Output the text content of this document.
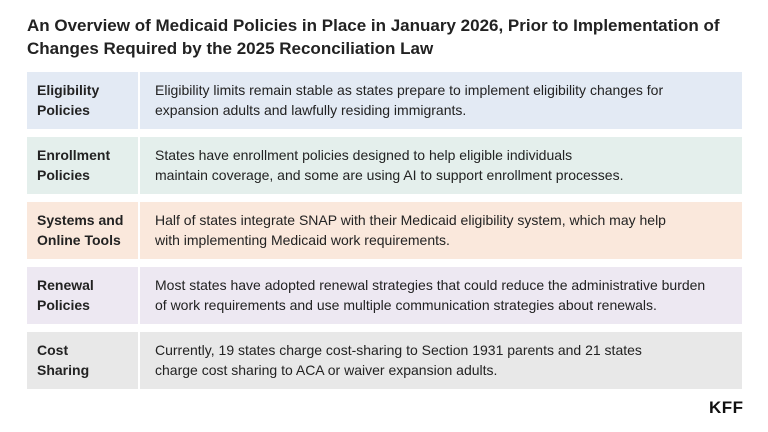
An Overview of Medicaid Policies in Place in January 2026, Prior to Implementation of
Changes Required by the 2025 Reconciliation Law
Eligibility
Policies
Eligibility limits remain stable as states prepare to implement eligibility changes for
expansion adults and lawfully residing immigrants.
Enrollment
Policies
States have enrollment policies designed to help eligible individuals
maintain coverage, and some are using AI to support enrollment processes.
Systems and
Online Tools
Half of states integrate SNAP with their Medicaid eligibility system, which may help
with implementing Medicaid work requirements.
Renewal
Policies
Most states have adopted renewal strategies that could reduce the administrative burden
of work requirements and use multiple communication strategies about renewals.
Cost
Sharing
Currently, 19 states charge cost-sharing to Section 1931 parents and 21 states
charge cost sharing to ACA or waiver expansion adults.
KFF
